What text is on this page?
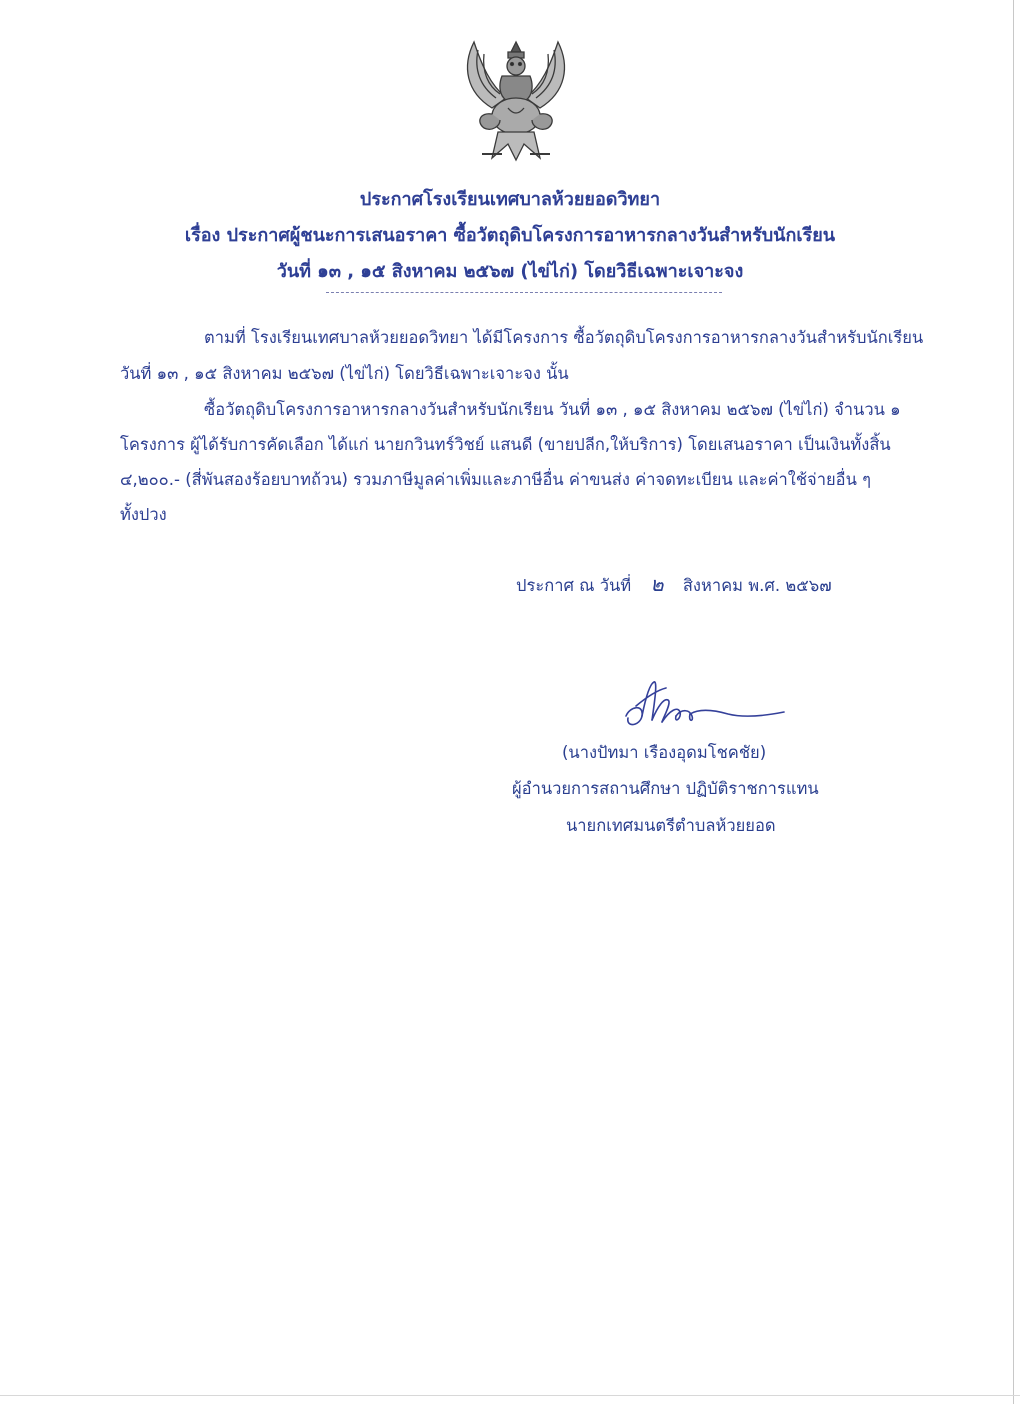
ประกาศโรงเรียนเทศบาลห้วยยอดวิทยา
เรื่อง ประกาศผู้ชนะการเสนอราคา ซื้อวัตถุดิบโครงการอาหารกลางวันสำหรับนักเรียน
วันที่ ๑๓ , ๑๕ สิงหาคม ๒๕๖๗ (ไข่ไก่) โดยวิธีเฉพาะเจาะจง
ตามที่ โรงเรียนเทศบาลห้วยยอดวิทยา ได้มีโครงการ ซื้อวัตถุดิบโครงการอาหารกลางวันสำหรับนักเรียน
วันที่ ๑๓ , ๑๕ สิงหาคม ๒๕๖๗ (ไข่ไก่) โดยวิธีเฉพาะเจาะจง นั้น
ซื้อวัตถุดิบโครงการอาหารกลางวันสำหรับนักเรียน วันที่ ๑๓ , ๑๕ สิงหาคม ๒๕๖๗ (ไข่ไก่) จำนวน ๑
โครงการ ผู้ได้รับการคัดเลือก ได้แก่ นายกวินทร์วิชย์ แสนดี (ขายปลีก,ให้บริการ) โดยเสนอราคา เป็นเงินทั้งสิ้น
๔,๒๐๐.- (สี่พันสองร้อยบาทถ้วน) รวมภาษีมูลค่าเพิ่มและภาษีอื่น ค่าขนส่ง ค่าจดทะเบียน และค่าใช้จ่ายอื่น ๆ
ทั้งปวง
ประกาศ ณ วันที่ ๒ สิงหาคม พ.ศ. ๒๕๖๗
(นางปัทมา เรืองอุดมโชคชัย)
ผู้อำนวยการสถานศึกษา ปฏิบัติราชการแทน
นายกเทศมนตรีตำบลห้วยยอด
